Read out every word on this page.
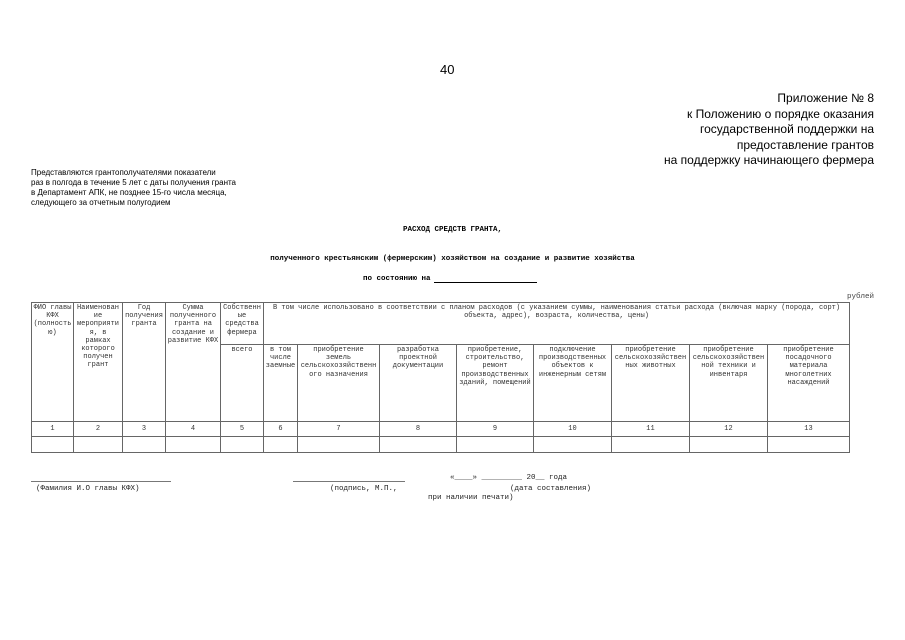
40
Приложение № 8
к Положению о порядке оказания
государственной поддержки на
предоставление грантов
на поддержку начинающего фермера
Представляются грантополучателями показатели
раз в полгода в течение 5 лет с даты получения гранта
в Департамент АПК, не позднее 15-го числа месяца,
следующего за отчетным полугодием
РАСХОД СРЕДСТВ ГРАНТА,
полученного крестьянским (фермерским) хозяйством на создание и развитие хозяйства
по состоянию на
рублей
ФИО главы КФХ (полностью)	Наименование мероприятия, в рамках которого получен грант	Год получения гранта	Сумма полученного гранта на создание и развитие КФХ	Собственные средства фермера	В том числе использовано в соответствии с планом расходов (с указанием суммы, наименования статьи расхода (включая марку (порода, сорт) объекта, адрес), возраста, количества, цены)							
				всего	в том числе заемные	приобретение земель сельскохозяйственного назначения	разработка проектной документации	приобретение, строительство, ремонт производственных зданий, помещений	подключение производственных объектов к инженерным сетям	приобретение сельскохозяйственных животных	приобретение сельскохозяйственной техники и инвентаря	приобретение посадочного материала многолетних насаждений
1	2	3	4	5	6	7	8	9	10	11	12	13

(Фамилия И.О главы КФХ)	(подпись, М.П.,
«____» _________ 20__ года
(дата составления)
при наличии печати)
